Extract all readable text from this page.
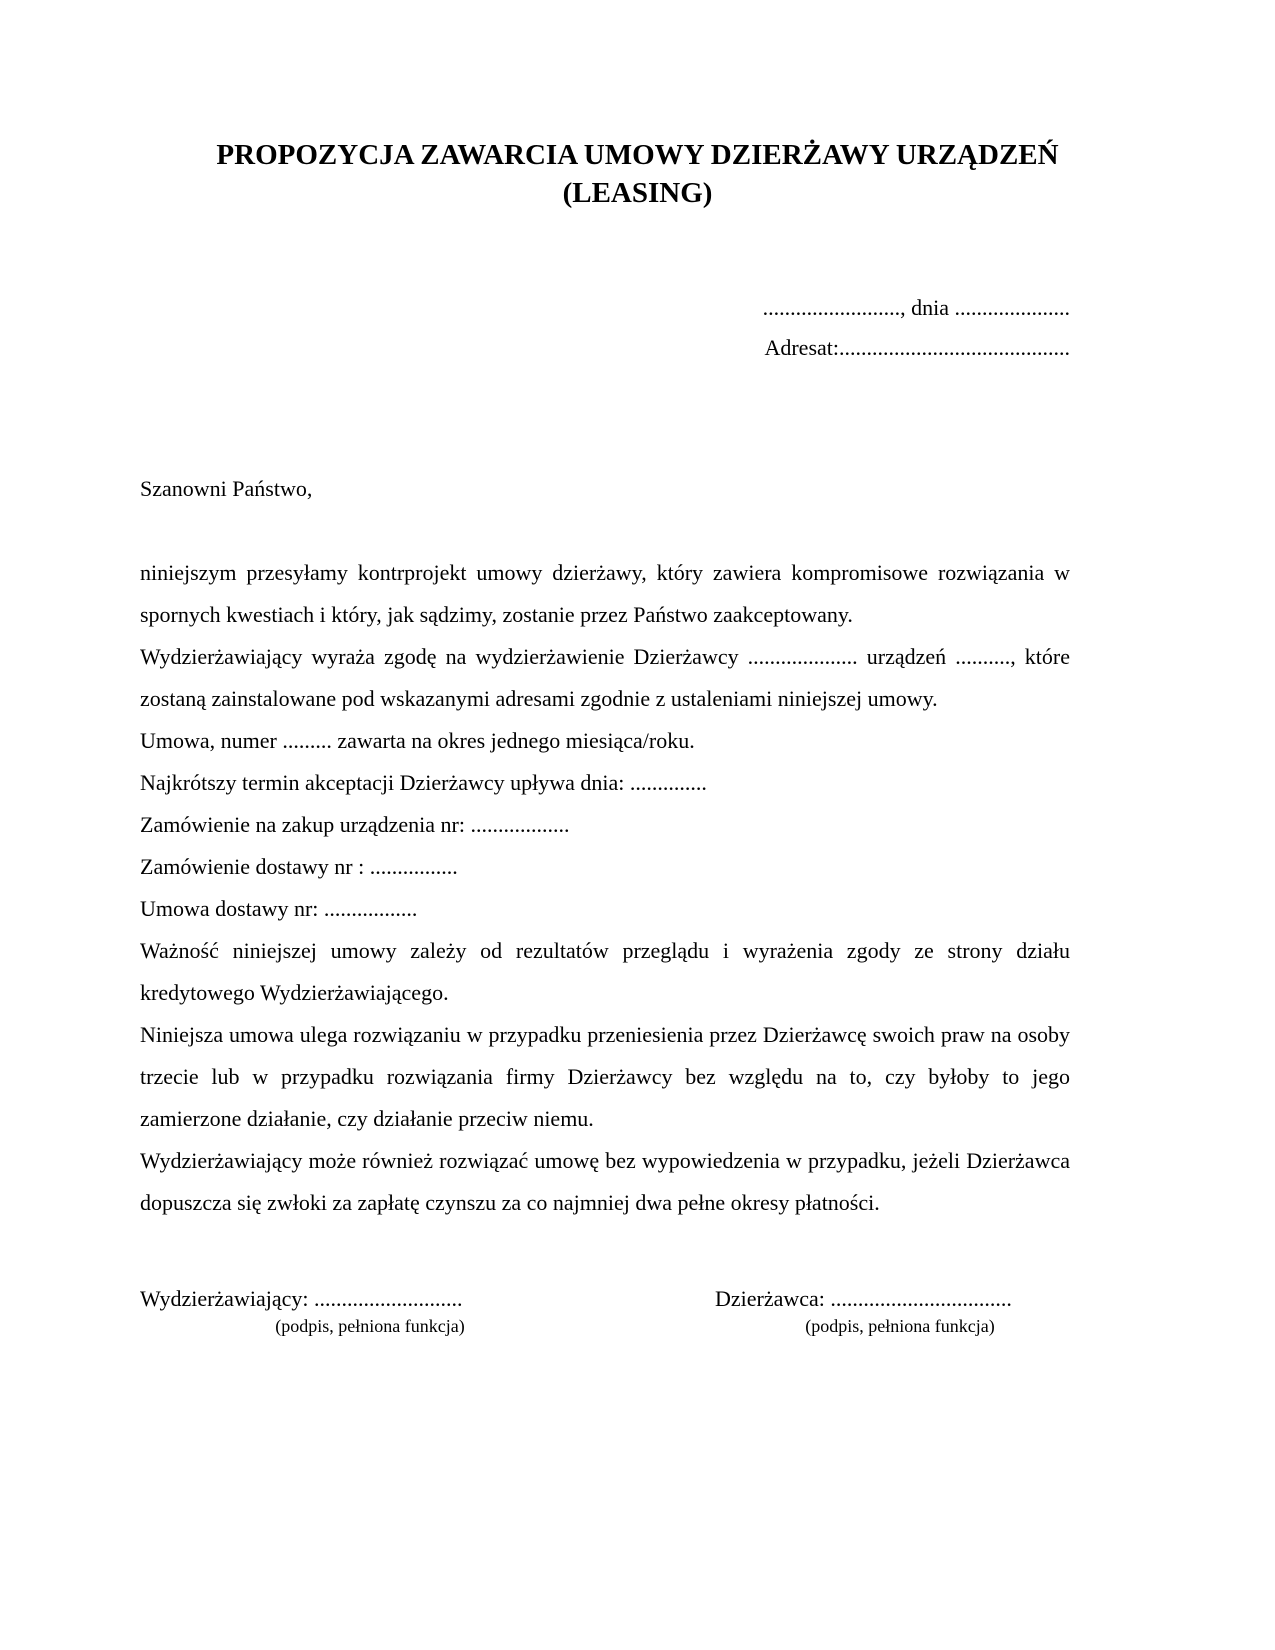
PROPOZYCJA ZAWARCIA UMOWY DZIERŻAWY URZĄDZEŃ
(LEASING)
........................., dnia .....................
Adresat:..........................................
Szanowni Państwo,

niniejszym przesyłamy kontrprojekt umowy dzierżawy, który zawiera kompromisowe rozwiązania w spornych kwestiach i który, jak sądzimy, zostanie przez Państwo zaakceptowany.

Wydzierżawiający wyraża zgodę na wydzierżawienie Dzierżawcy .................... urządzeń .........., które zostaną zainstalowane pod wskazanymi adresami zgodnie z ustaleniami niniejszej umowy.

Umowa, numer ......... zawarta na okres jednego miesiąca/roku.

Najkrótszy termin akceptacji Dzierżawcy upływa dnia: ..............

Zamówienie na zakup urządzenia nr: ..................

Zamówienie dostawy nr : ................

Umowa dostawy nr: .................

Ważność niniejszej umowy zależy od rezultatów przeglądu i wyrażenia zgody ze strony działu kredytowego Wydzierżawiającego.

Niniejsza umowa ulega rozwiązaniu w przypadku przeniesienia przez Dzierżawcę swoich praw na osoby trzecie lub w przypadku rozwiązania firmy Dzierżawcy bez względu na to, czy byłoby to jego zamierzone działanie, czy działanie przeciw niemu.

Wydzierżawiający może również rozwiązać umowę bez wypowiedzenia w przypadku, jeżeli Dzierżawca dopuszcza się zwłoki za zapłatę czynszu za co najmniej dwa pełne okresy płatności.

Wydzierżawiający: ...........................
(podpis, pełniona funkcja)
Dzierżawca: .................................
(podpis, pełniona funkcja)
